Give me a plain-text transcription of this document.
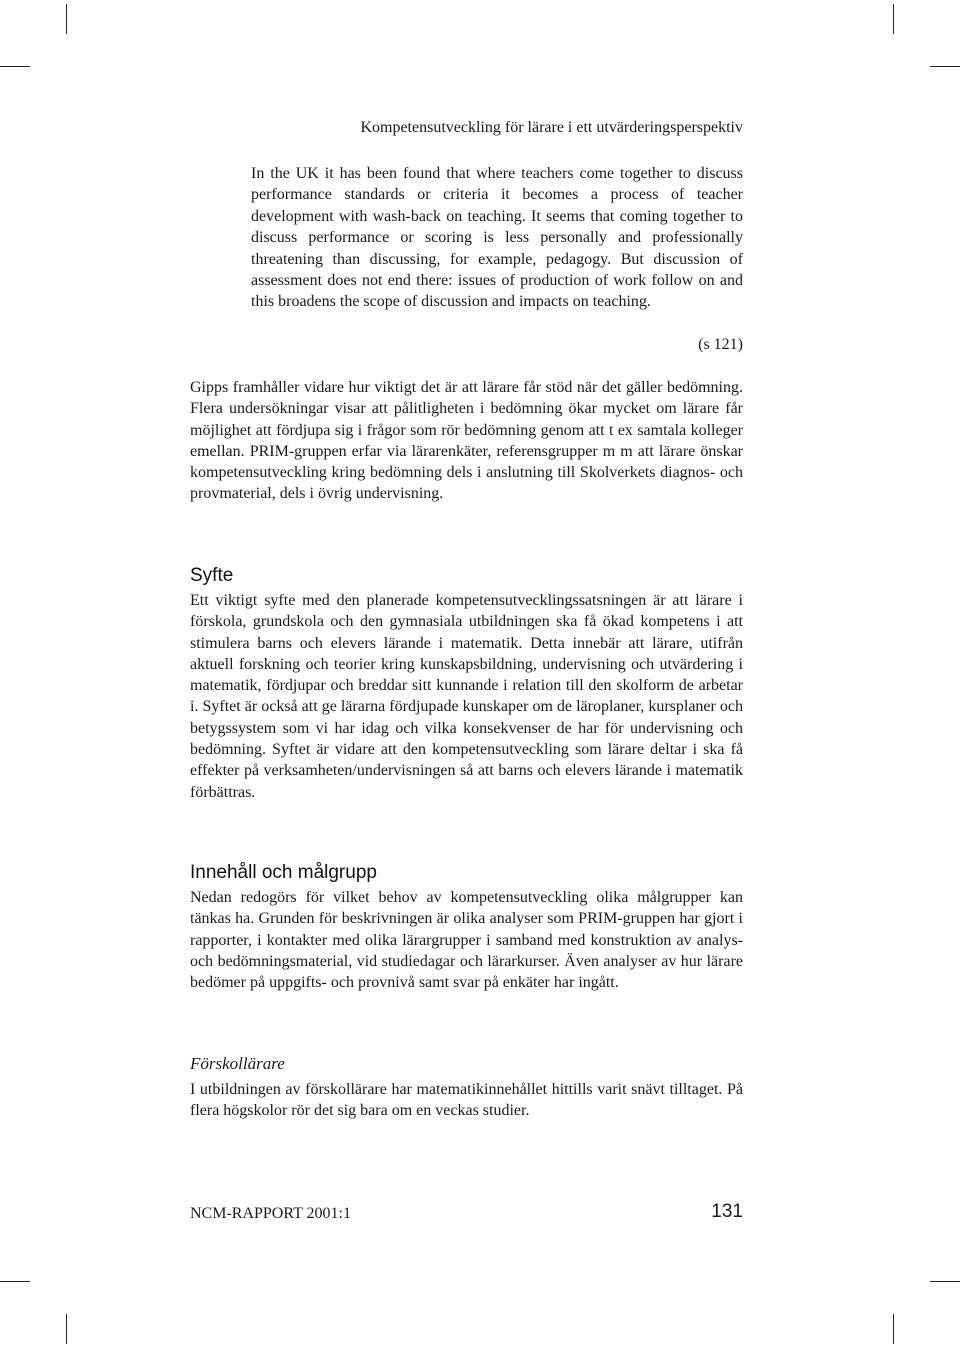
Kompetensutveckling för lärare i ett utvärderingsperspektiv
In the UK it has been found that where teachers come together to discuss performance standards or criteria it becomes a process of teacher development with wash-back on teaching. It seems that coming together to discuss performance or scoring is less personally and professionally threatening than discussing, for example, pedagogy. But discussion of assessment does not end there: issues of production of work follow on and this broadens the scope of discussion and impacts on teaching.
(s 121)
Gipps framhåller vidare hur viktigt det är att lärare får stöd när det gäller bedömning. Flera undersökningar visar att pålitligheten i bedömning ökar mycket om lärare får möjlighet att fördjupa sig i frågor som rör bedömning genom att t ex samtala kolleger emellan. PRIM-gruppen erfar via lärarenkäter, referensgrupper m m att lärare önskar kompetensutveckling kring bedömning dels i anslutning till Skolverkets diagnos- och provmaterial, dels i övrig undervisning.
Syfte
Ett viktigt syfte med den planerade kompetensutvecklingssatsningen är att lärare i förskola, grundskola och den gymnasiala utbildningen ska få ökad kompetens i att stimulera barns och elevers lärande i matematik. Detta innebär att lärare, utifrån aktuell forskning och teorier kring kunskapsbildning, undervisning och utvärdering i matematik, fördjupar och breddar sitt kunnande i relation till den skolform de arbetar i. Syftet är också att ge lärarna fördjupade kunskaper om de läroplaner, kursplaner och betygssystem som vi har idag och vilka konsekvenser de har för undervisning och bedömning. Syftet är vidare att den kompetensutveckling som lärare deltar i ska få effekter på verksamheten/undervisningen så att barns och elevers lärande i matematik förbättras.
Innehåll och målgrupp
Nedan redogörs för vilket behov av kompetensutveckling olika målgrupper kan tänkas ha. Grunden för beskrivningen är olika analyser som PRIM-gruppen har gjort i rapporter, i kontakter med olika lärargrupper i samband med konstruktion av analys- och bedömningsmaterial, vid studiedagar och lärarkurser. Även analyser av hur lärare bedömer på uppgifts- och provnivå samt svar på enkäter har ingått.
Förskollärare
I utbildningen av förskollärare har matematikinnehållet hittills varit snävt tilltaget. På flera högskolor rör det sig bara om en veckas studier.
NCM-RAPPORT 2001:1	131
